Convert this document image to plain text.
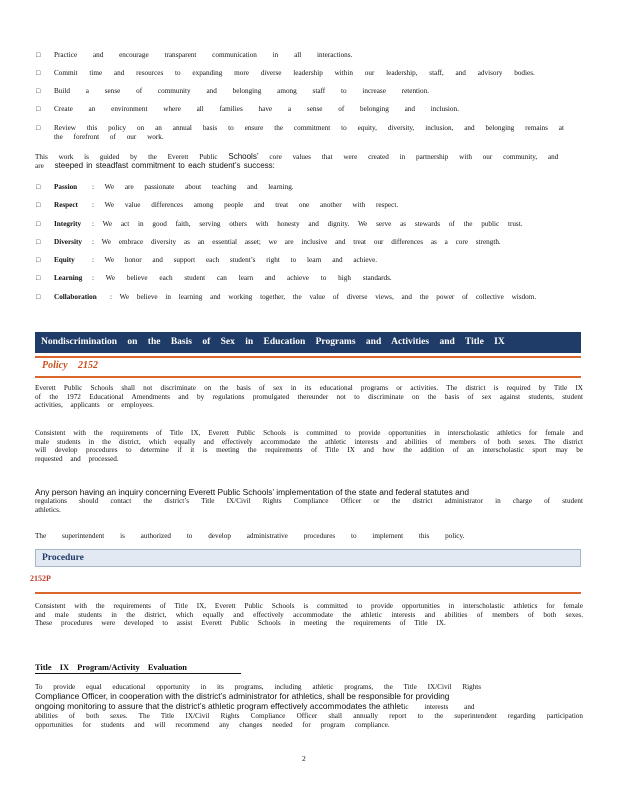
□ Practice and encourage transparent communication in all interactions.
□ Commit time and resources to expanding more diverse leadership within our leadership, staff, and advisory bodies.
□ Build a sense of community and belonging among staff to increase retention.
□ Create an environment where all families have a sense of belonging and inclusion.
□ Review this policy on an annual basis to ensure the commitment to equity, diversity, inclusion, and belonging remains at the forefront of our work.
This work is guided by the Everett Public Schools’ core values that were created in partnership with our community, and
are steeped in steadfast commitment to each student’s success:
□ Passion : We are passionate about teaching and learning.
□ Respect : We value differences among people and treat one another with respect.
□ Integrity : We act in good faith, serving others with honesty and dignity. We serve as stewards of the public trust.
□ Diversity : We embrace diversity as an essential asset; we are inclusive and treat our differences as a core strength.
□ Equity : We honor and support each student’s right to learn and achieve.
□ Learning : We believe each student can learn and achieve to high standards.
□ Collaboration : We believe in learning and working together, the value of diverse views, and the power of collective wisdom.
Nondiscrimination on the Basis of Sex in Education Programs and Activities and Title IX
Policy 2152
Everett Public Schools shall not discriminate on the basis of sex in its educational programs or activities. The district is required by Title IX of the 1972 Educational Amendments and by regulations promulgated thereunder not to discriminate on the basis of sex against students, student activities, applicants or employees.
Consistent with the requirements of Title IX, Everett Public Schools is committed to provide opportunities in interscholastic athletics for female and male students in the district, which equally and effectively accommodate the athletic interests and abilities of members of both sexes. The district will develop procedures to determine if it is meeting the requirements of Title IX and how the addition of an interscholastic sport may be requested and processed.
Any person having an inquiry concerning Everett Public Schools’ implementation of the state and federal statutes and
regulations should contact the district’s Title IX/Civil Rights Compliance Officer or the district administrator in charge of student athletics.
The superintendent is authorized to develop administrative procedures to implement this policy.
Procedure
2152P
Consistent with the requirements of Title IX, Everett Public Schools is committed to provide opportunities in interscholastic athletics for female and male students in the district, which equally and effectively accommodate the athletic interests and abilities of members of both sexes. These procedures were developed to assist Everett Public Schools in meeting the requirements of Title IX.
Title IX Program/Activity Evaluation
To provide equal educational opportunity in its programs, including athletic programs, the Title IX/Civil Rights
Compliance Officer, in cooperation with the district’s administrator for athletics, shall be responsible for providing
ongoing monitoring to assure that the district’s athletic program effectively accommodates the athletic interests and
abilities of both sexes. The Title IX/Civil Rights Compliance Officer shall annually report to the superintendent regarding participation opportunities for students and will recommend any changes needed for program compliance.
2
